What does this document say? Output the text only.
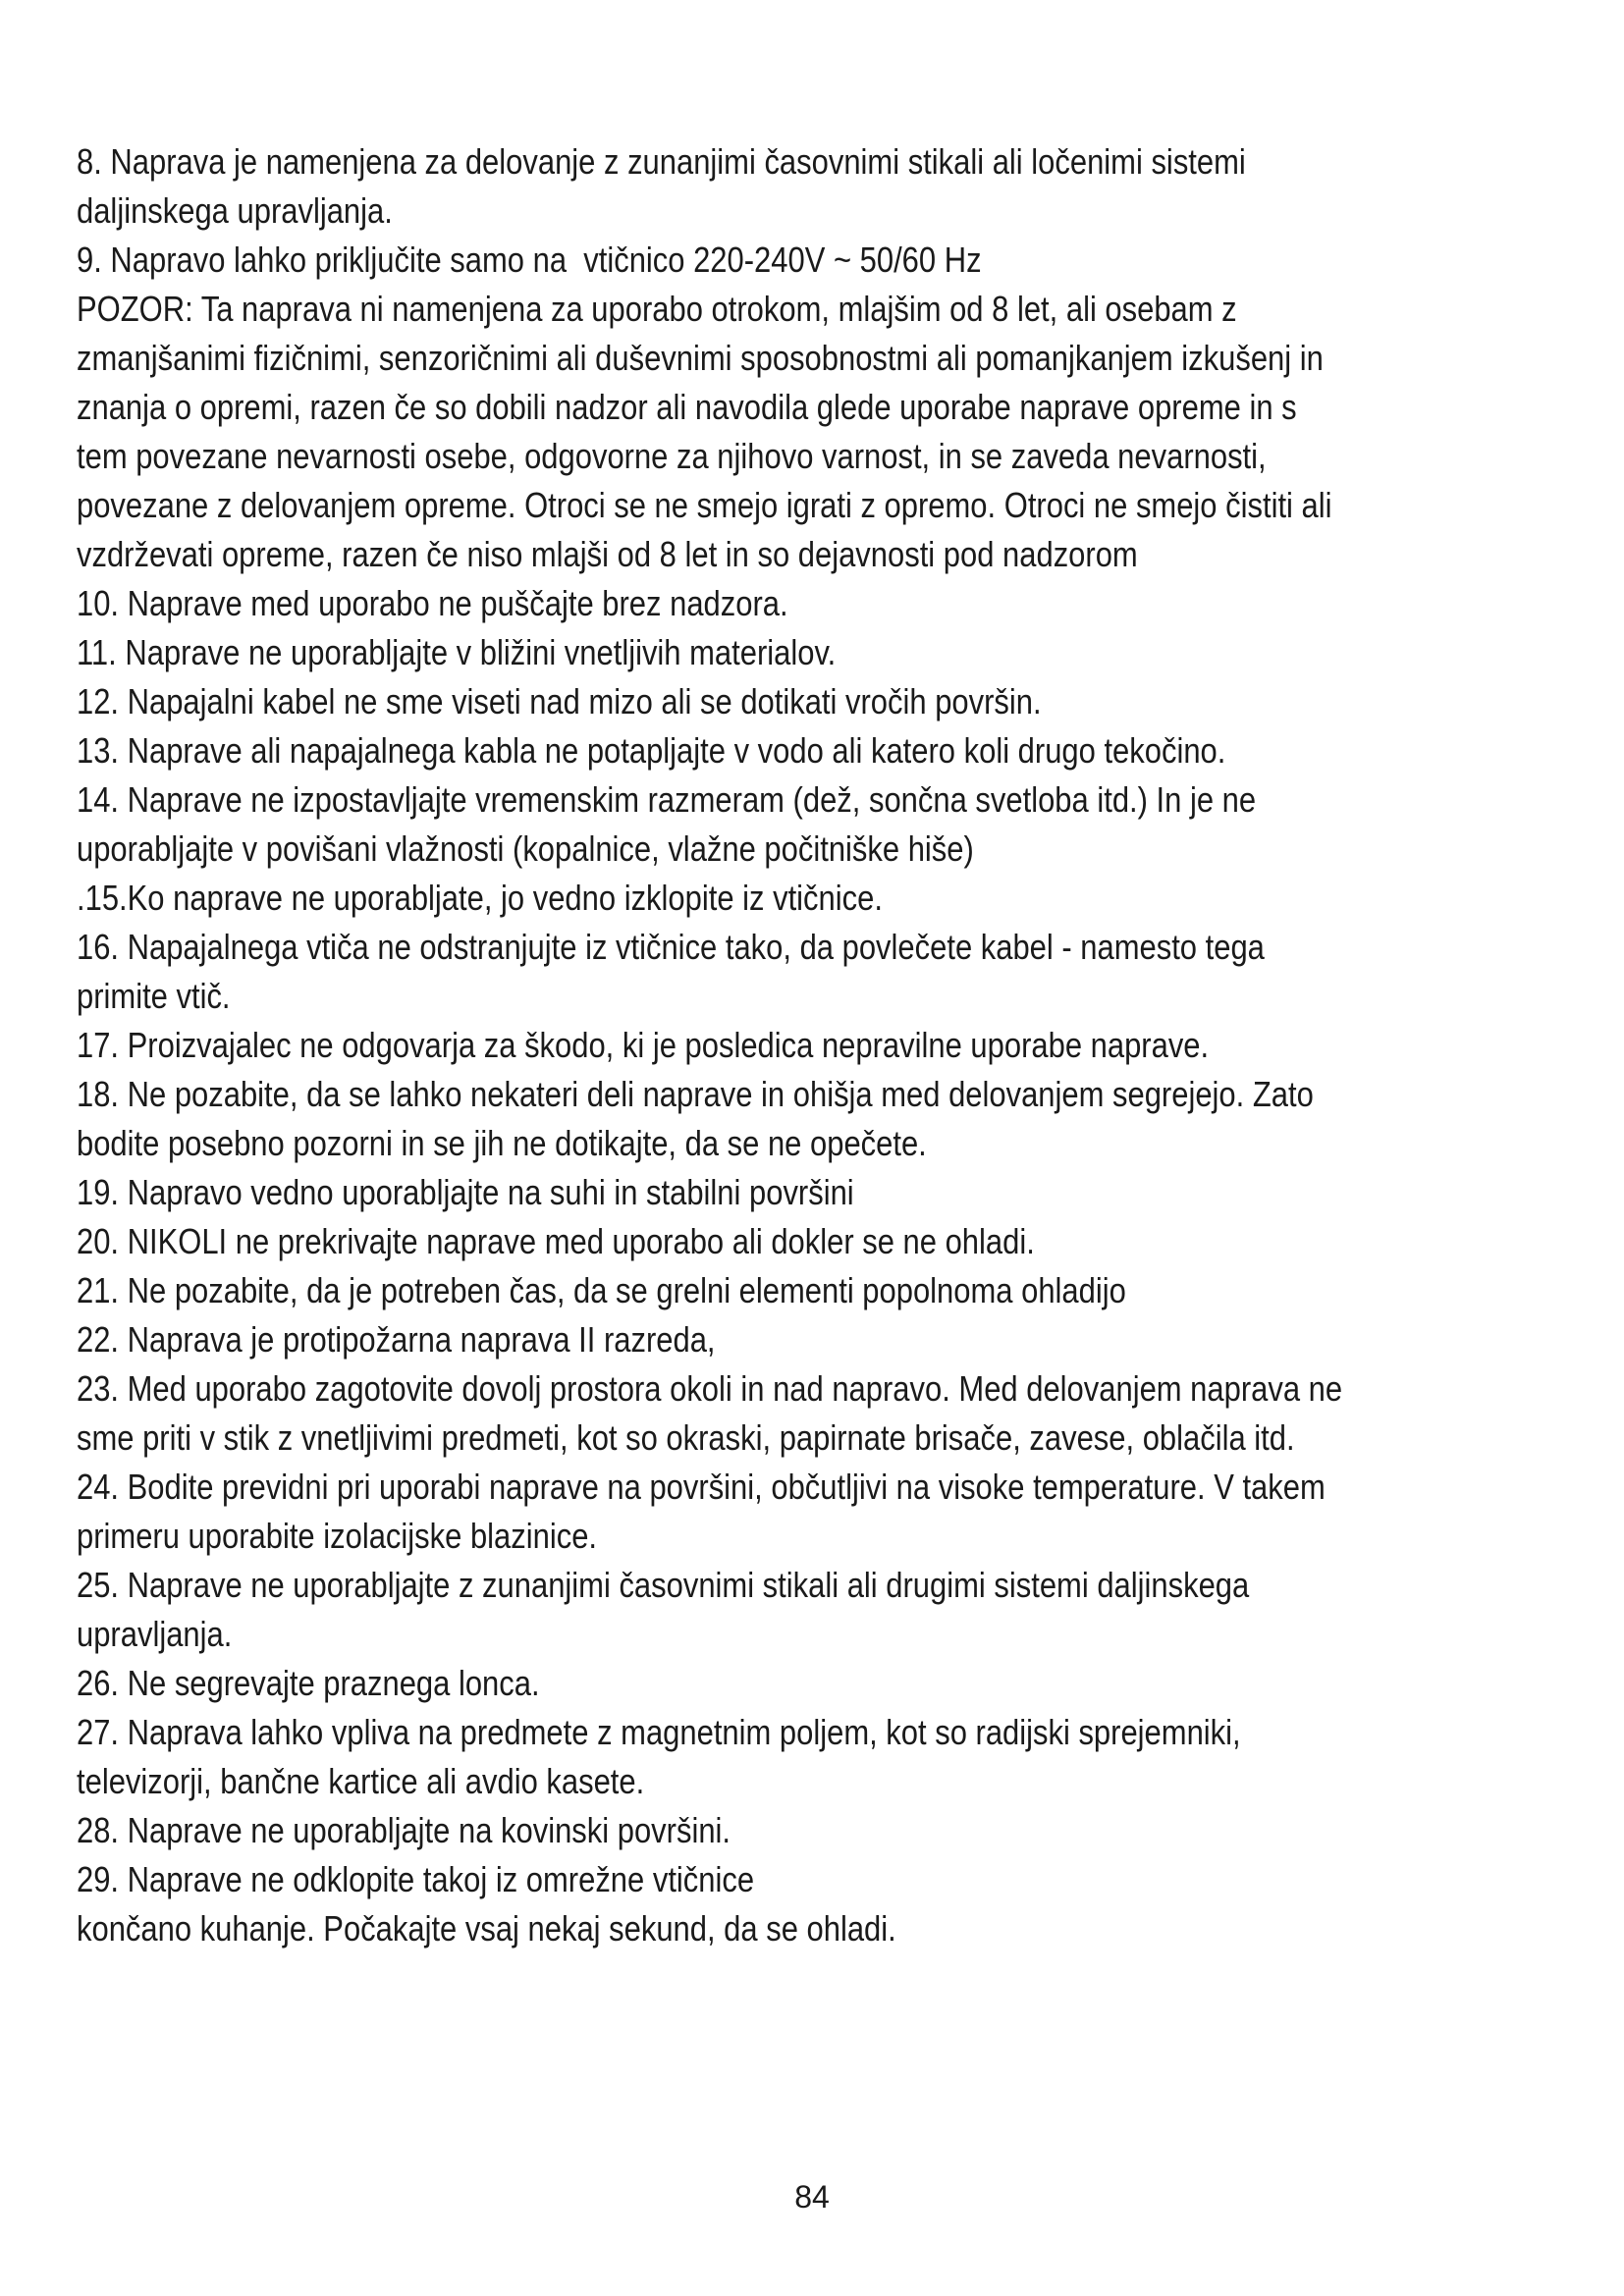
8. Naprava je namenjena za delovanje z zunanjimi časovnimi stikali ali ločenimi sistemi daljinskega upravljanja.

9. Napravo lahko priključite samo na  vtičnico 220-240V ~ 50/60 Hz

POZOR: Ta naprava ni namenjena za uporabo otrokom, mlajšim od 8 let, ali osebam z zmanjšanimi fizičnimi, senzoričnimi ali duševnimi sposobnostmi ali pomanjkanjem izkušenj in znanja o opremi, razen če so dobili nadzor ali navodila glede uporabe naprave opreme in s tem povezane nevarnosti osebe, odgovorne za njihovo varnost, in se zaveda nevarnosti, povezane z delovanjem opreme. Otroci se ne smejo igrati z opremo. Otroci ne smejo čistiti ali vzdrževati opreme, razen če niso mlajši od 8 let in so dejavnosti pod nadzorom

10. Naprave med uporabo ne puščajte brez nadzora.

11. Naprave ne uporabljajte v bližini vnetljivih materialov.

12. Napajalni kabel ne sme viseti nad mizo ali se dotikati vročih površin.

13. Naprave ali napajalnega kabla ne potapljajte v vodo ali katero koli drugo tekočino.

14. Naprave ne izpostavljajte vremenskim razmeram (dež, sončna svetloba itd.) In je ne uporabljajte v povišani vlažnosti (kopalnice, vlažne počitniške hiše)

.15.Ko naprave ne uporabljate, jo vedno izklopite iz vtičnice.

16. Napajalnega vtiča ne odstranjujte iz vtičnice tako, da povlečete kabel - namesto tega primite vtič.

17. Proizvajalec ne odgovarja za škodo, ki je posledica nepravilne uporabe naprave.

18. Ne pozabite, da se lahko nekateri deli naprave in ohišja med delovanjem segrejejo. Zato bodite posebno pozorni in se jih ne dotikajte, da se ne opečete.

19. Napravo vedno uporabljajte na suhi in stabilni površini

20. NIKOLI ne prekrivajte naprave med uporabo ali dokler se ne ohladi.

21. Ne pozabite, da je potreben čas, da se grelni elementi popolnoma ohladijo

22. Naprava je protipožarna naprava II razreda,

23. Med uporabo zagotovite dovolj prostora okoli in nad napravo. Med delovanjem naprava ne sme priti v stik z vnetljivimi predmeti, kot so okraski, papirnate brisače, zavese, oblačila itd.

24. Bodite previdni pri uporabi naprave na površini, občutljivi na visoke temperature. V takem primeru uporabite izolacijske blazinice.

25. Naprave ne uporabljajte z zunanjimi časovnimi stikali ali drugimi sistemi daljinskega upravljanja.

26. Ne segrevajte praznega lonca.

27. Naprava lahko vpliva na predmete z magnetnim poljem, kot so radijski sprejemniki, televizorji, bančne kartice ali avdio kasete.

28. Naprave ne uporabljajte na kovinski površini.

29. Naprave ne odklopite takoj iz omrežne vtičnice

končano kuhanje. Počakajte vsaj nekaj sekund, da se ohladi.

84
